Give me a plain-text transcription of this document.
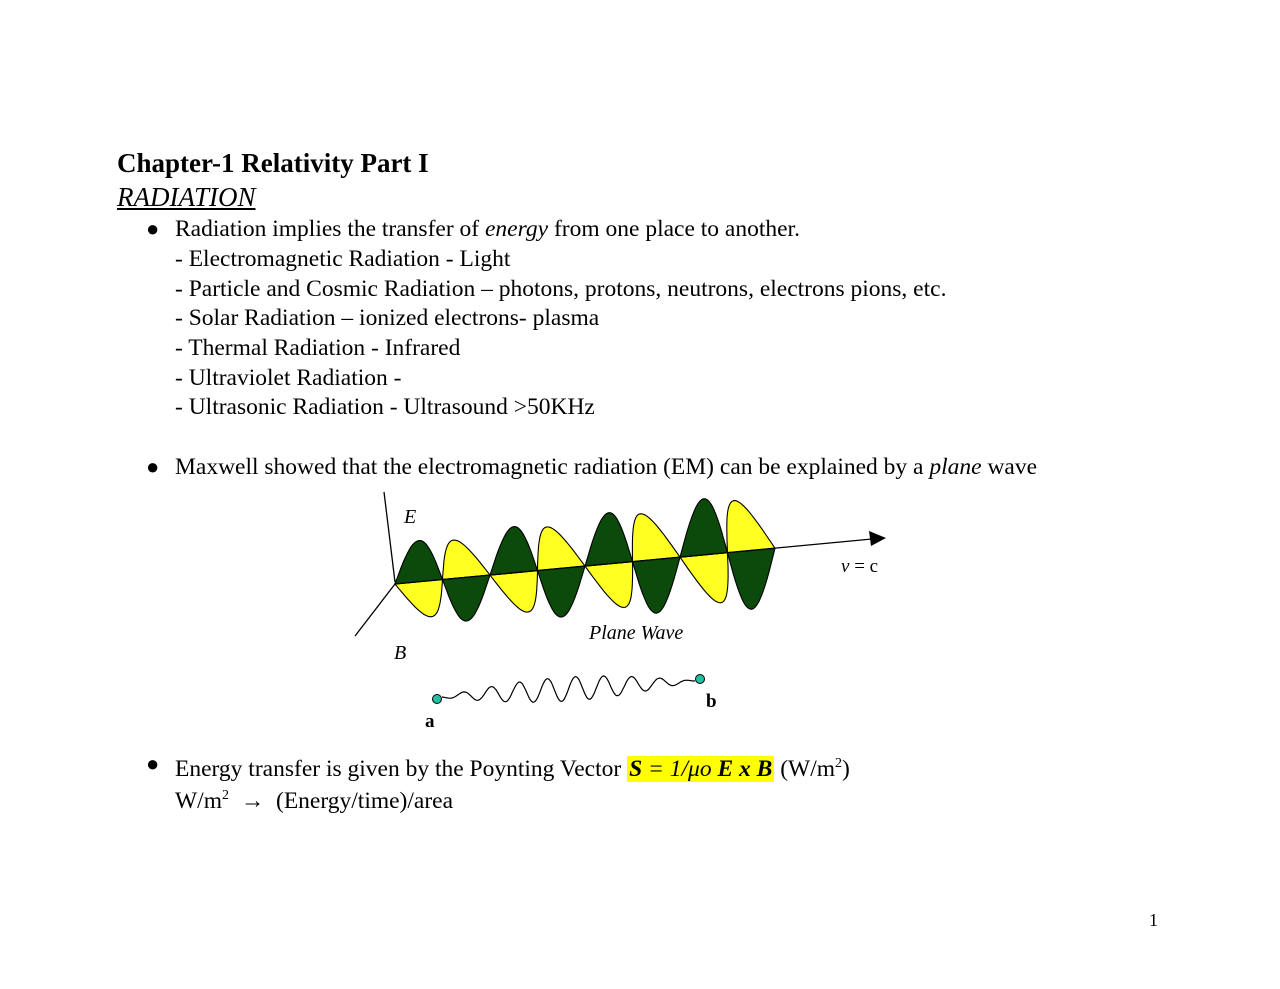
Chapter-1 Relativity Part I
RADIATION
● Radiation implies the transfer of energy from one place to another.
- Electromagnetic Radiation - Light
- Particle and Cosmic Radiation – photons, protons, neutrons, electrons pions, etc.
- Solar Radiation – ionized electrons- plasma
- Thermal Radiation - Infrared
- Ultraviolet Radiation -
- Ultrasonic Radiation - Ultrasound >50KHz
● Maxwell showed that the electromagnetic radiation (EM) can be explained by a plane wave
E
B
v = c
Plane Wave
a
b
● Energy transfer is given by the Poynting Vector S = 1/μo E x B $(W/m^2)$
$W/m^2$ → (Energy/time)/area
1
